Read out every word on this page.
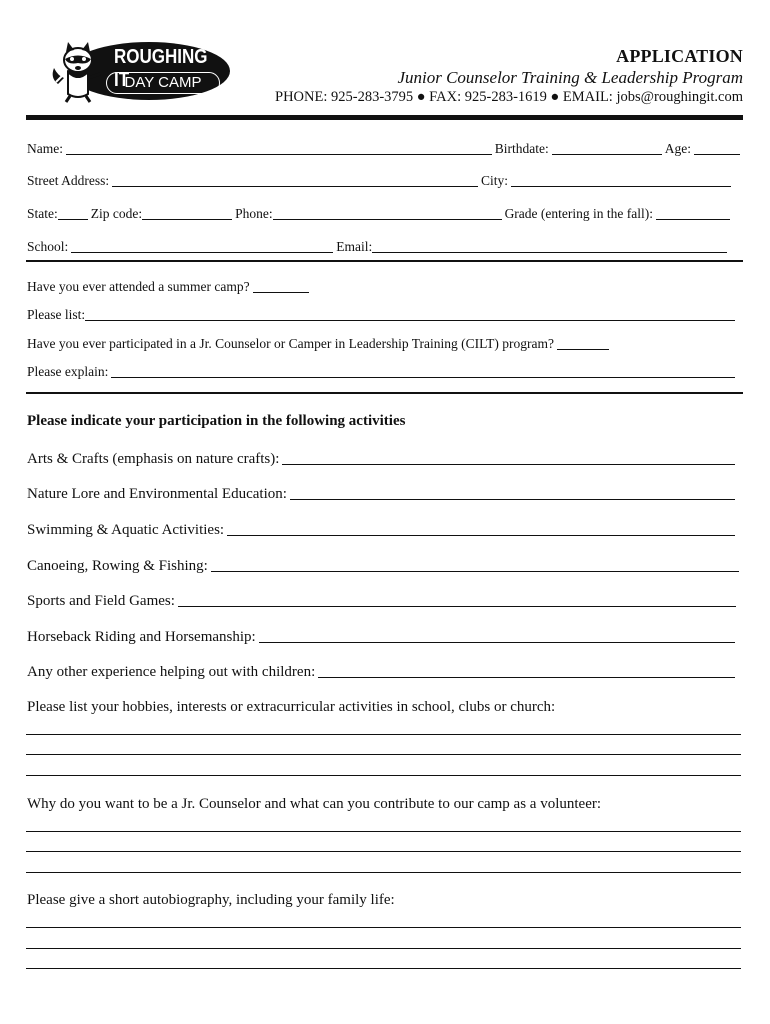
ROUGHING IT
DAY CAMP
APPLICATION
Junior Counselor Training & Leadership Program
PHONE: 925-283-3795 ● FAX: 925-283-1619 ● EMAIL: jobs@roughingit.com
Name:	Birthdate:	Age:
Street Address:	City:
State: Zip code:	Phone:	Grade (entering in the fall):
School:	Email:
Have you ever attended a summer camp?
Please list:
Have you ever participated in a Jr. Counselor or Camper in Leadership Training (CILT) program?
Please explain:
Please indicate your participation in the following activities
Arts & Crafts (emphasis on nature crafts):
Nature Lore and Environmental Education:
Swimming & Aquatic Activities:
Canoeing, Rowing & Fishing:
Sports and Field Games:
Horseback Riding and Horsemanship:
Any other experience helping out with children:
Please list your hobbies, interests or extracurricular activities in school, clubs or church:
Why do you want to be a Jr. Counselor and what can you contribute to our camp as a volunteer:
Please give a short autobiography, including your family life:
